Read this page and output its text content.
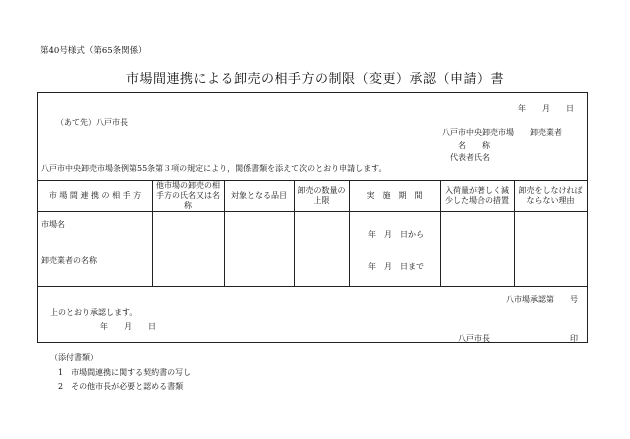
第40号様式（第65条関係）
市場間連携による卸売の相手方の制限（変更）承認（申請）書
年　　月　　日
（あて先）八戸市長
八戸市中央卸売市場　　卸売業者
名　　称
代表者氏名
八戸市中央卸売市場条例第55条第３項の規定により，関係書類を添えて次のとおり申請します。
市 場 間 連 携 の 相 手 方
他市場の卸売の相手方の氏名又は名称
対象となる品目
卸売の数量の上限
実　施　期　間
入荷量が著しく減少した場合の措置
卸売をしなければならない理由
市場名
卸売業者の名称
年　月　日から
年　月　日まで
八市場承認第　　号
上のとおり承認します。
年　　月　　日
八戸市長	印
（添付書類）
1　市場間連携に関する契約書の写し
2　その他市長が必要と認める書類
